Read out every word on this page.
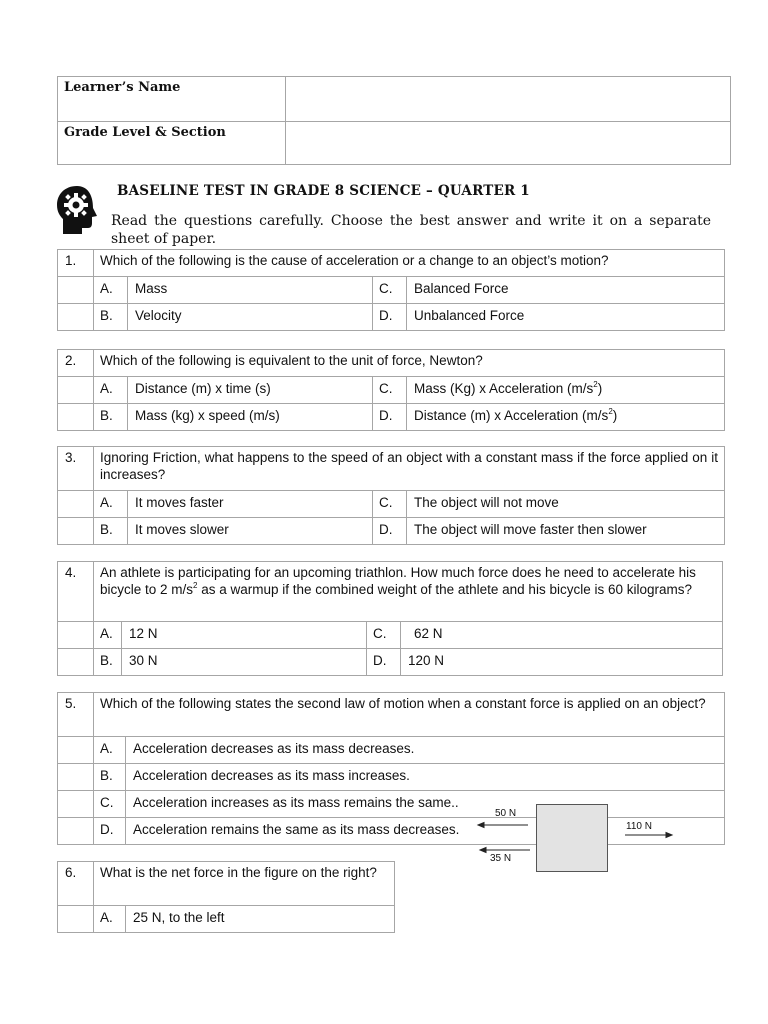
Learner’s Name	
Grade Level & Section	
BASELINE TEST IN GRADE 8 SCIENCE – QUARTER 1
Read the questions carefully. Choose the best answer and write it on a separate sheet of paper.
1.	Which of the following is the cause of acceleration or a change to an object’s motion?			
	A.	Mass	C.	Balanced Force
	B.	Velocity	D.	Unbalanced Force
2.	Which of the following is equivalent to the unit of force, Newton?			
	A.	Distance (m) x time (s)	C.	Mass (Kg) x Acceleration $(m/s^2)$
	B.	Mass (kg) x speed (m/s)	D.	Distance (m) x Acceleration $(m/s^2)$
3.	Ignoring Friction, what happens to the speed of an object with a constant mass if the force applied on it increases?			
	A.	It moves faster	C.	The object will not move
	B.	It moves slower	D.	The object will move faster then slower
4.	An athlete is participating for an upcoming triathlon. How much force does he need to accelerate his bicycle to 2 $m/s^2$ as a warmup if the combined weight of the athlete and his bicycle is 60 kilograms?			
	A.	12 N	C.	62 N
	B.	30 N	D.	120 N
5.	Which of the following states the second law of motion when a constant force is applied on an object?	
	A.	Acceleration decreases as its mass decreases.
	B.	Acceleration decreases as its mass increases.
	C.	Acceleration increases as its mass remains the same..
	D.	Acceleration remains the same as its mass decreases.
50 N
35 N
110 N
6.	What is the net force in the figure on the right?	
	A.	25 N, to the left
